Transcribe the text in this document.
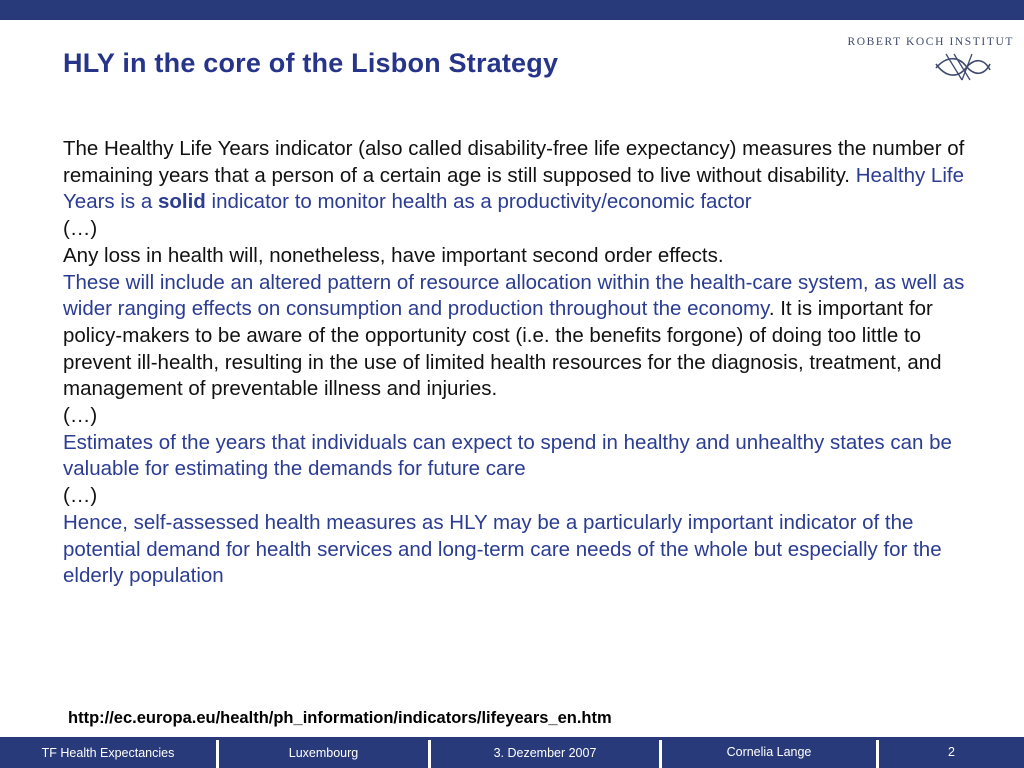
HLY in the core of the Lisbon Strategy
ROBERT KOCH INSTITUT

The Healthy Life Years indicator (also called disability-free life expectancy) measures the number of remaining years that a person of a certain age is still supposed to live without disability. Healthy Life Years is a solid indicator to monitor health as a productivity/economic factor

(…)

Any loss in health will, nonetheless, have important second order effects.

These will include an altered pattern of resource allocation within the health-care system, as well as wider ranging effects on consumption and production throughout the economy. It is important for policy-makers to be aware of the opportunity cost (i.e. the benefits forgone) of doing too little to prevent ill-health, resulting in the use of limited health resources for the diagnosis, treatment, and management of preventable illness and injuries.

(…)

Estimates of the years that individuals can expect to spend in healthy and unhealthy states can be valuable for estimating the demands for future care

(…)

Hence, self-assessed health measures as HLY may be a particularly important indicator of the potential demand for health services and long-term care needs of the whole but especially for the elderly population

http://ec.europa.eu/health/ph_information/indicators/lifeyears_en.htm
TF Health Expectancies	Luxembourg	3. Dezember 2007	Cornelia Lange	2
